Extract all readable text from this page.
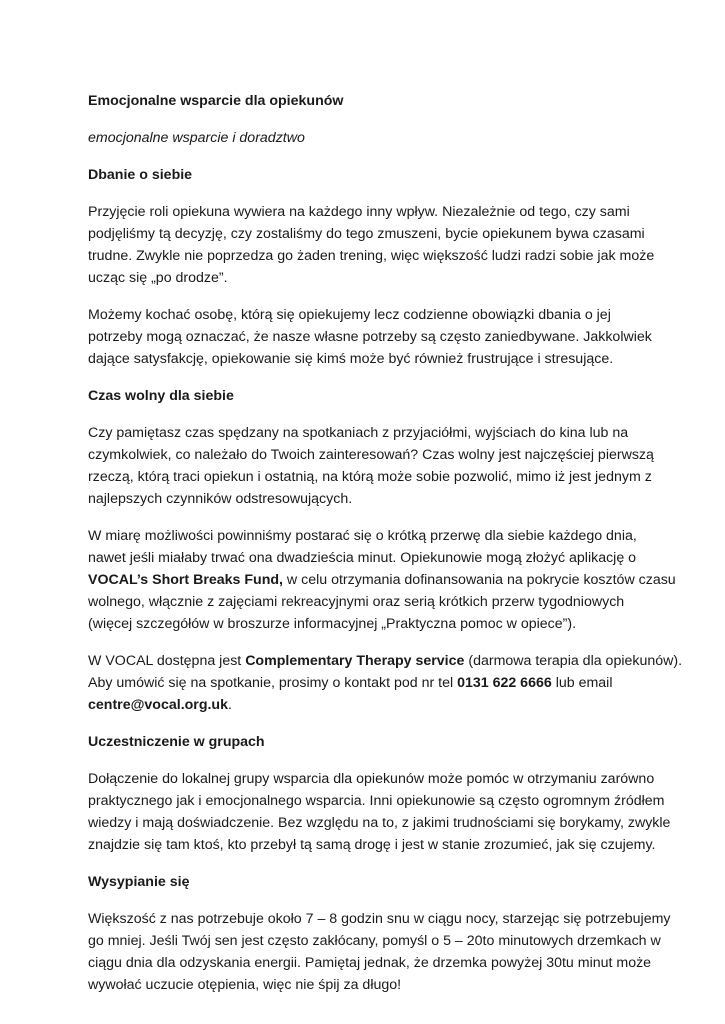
Emocjonalne wsparcie dla opiekunów
emocjonalne wsparcie i doradztwo
Dbanie o siebie
Przyjęcie roli opiekuna wywiera na każdego inny wpływ. Niezależnie od tego, czy sami
podjęliśmy tą decyzję, czy zostaliśmy do tego zmuszeni, bycie opiekunem bywa czasami
trudne. Zwykle nie poprzedza go żaden trening, więc większość ludzi radzi sobie jak może
ucząc się „po drodze”.
Możemy kochać osobę, którą się opiekujemy lecz codzienne obowiązki dbania o jej
potrzeby mogą oznaczać, że nasze własne potrzeby są często zaniedbywane. Jakkolwiek
dające satysfakcję, opiekowanie się kimś może być również frustrujące i stresujące.
Czas wolny dla siebie
Czy pamiętasz czas spędzany na spotkaniach z przyjaciółmi, wyjściach do kina lub na
czymkolwiek, co należało do Twoich zainteresowań? Czas wolny jest najczęściej pierwszą
rzeczą, którą traci opiekun i ostatnią, na którą może sobie pozwolić, mimo iż jest jednym z
najlepszych czynników odstresowujących.
W miarę możliwości powinniśmy postarać się o krótką przerwę dla siebie każdego dnia,
nawet jeśli miałaby trwać ona dwadzieścia minut. Opiekunowie mogą złożyć aplikację o
VOCAL’s Short Breaks Fund, w celu otrzymania dofinansowania na pokrycie kosztów czasu
wolnego, włącznie z zajęciami rekreacyjnymi oraz serią krótkich przerw tygodniowych
(więcej szczegółów w broszurze informacyjnej „Praktyczna pomoc w opiece”).
W VOCAL dostępna jest Complementary Therapy service (darmowa terapia dla opiekunów).
Aby umówić się na spotkanie, prosimy o kontakt pod nr tel 0131 622 6666 lub email
centre@vocal.org.uk.
Uczestniczenie w grupach
Dołączenie do lokalnej grupy wsparcia dla opiekunów może pomóc w otrzymaniu zarówno
praktycznego jak i emocjonalnego wsparcia. Inni opiekunowie są często ogromnym źródłem
wiedzy i mają doświadczenie. Bez względu na to, z jakimi trudnościami się borykamy, zwykle
znajdzie się tam ktoś, kto przebył tą samą drogę i jest w stanie zrozumieć, jak się czujemy.
Wysypianie się
Większość z nas potrzebuje około 7 – 8 godzin snu w ciągu nocy, starzejąc się potrzebujemy
go mniej. Jeśli Twój sen jest często zakłócany, pomyśl o 5 – 20to minutowych drzemkach w
ciągu dnia dla odzyskania energii. Pamiętaj jednak, że drzemka powyżej 30tu minut może
wywołać uczucie otępienia, więc nie śpij za długo!
